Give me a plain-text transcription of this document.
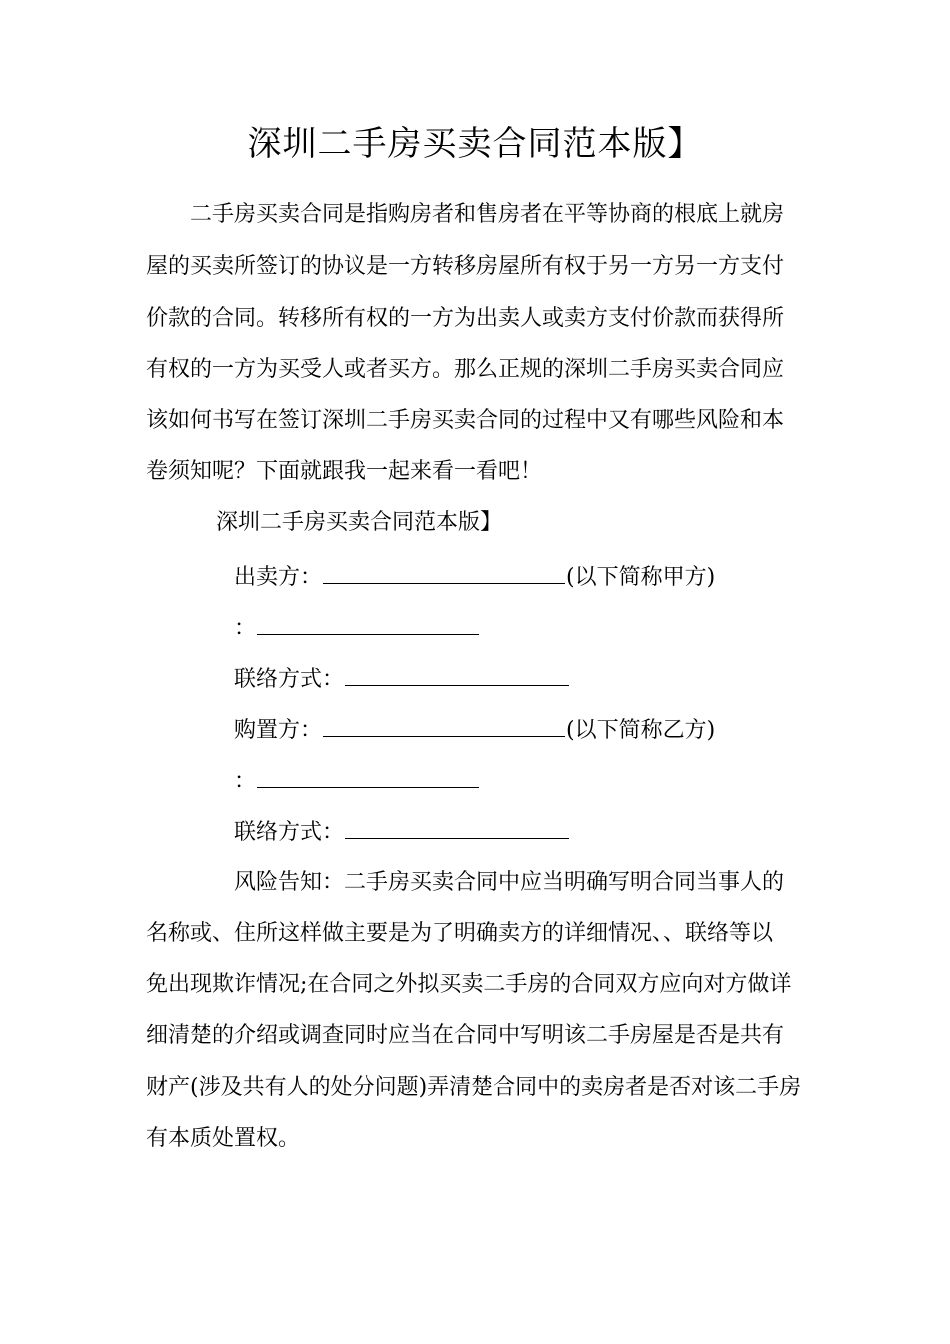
深圳二手房买卖合同范本版】
二手房买卖合同是指购房者和售房者在平等协商的根底上就房
屋的买卖所签订的协议是一方转移房屋所有权于另一方另一方支付
价款的合同。转移所有权的一方为出卖人或卖方支付价款而获得所
有权的一方为买受人或者买方。那么正规的深圳二手房买卖合同应
该如何书写在签订深圳二手房买卖合同的过程中又有哪些风险和本
卷须知呢？下面就跟我一起来看一看吧！
深圳二手房买卖合同范本版】
出卖方：	(以下简称甲方)
：
联络方式：
购置方：	(以下简称乙方)
：
联络方式：
风险告知：二手房买卖合同中应当明确写明合同当事人的
名称或、住所这样做主要是为了明确卖方的详细情况、、联络等以
免出现欺诈情况;在合同之外拟买卖二手房的合同双方应向对方做详
细清楚的介绍或调查同时应当在合同中写明该二手房屋是否是共有
财产(涉及共有人的处分问题)弄清楚合同中的卖房者是否对该二手房
有本质处置权。
